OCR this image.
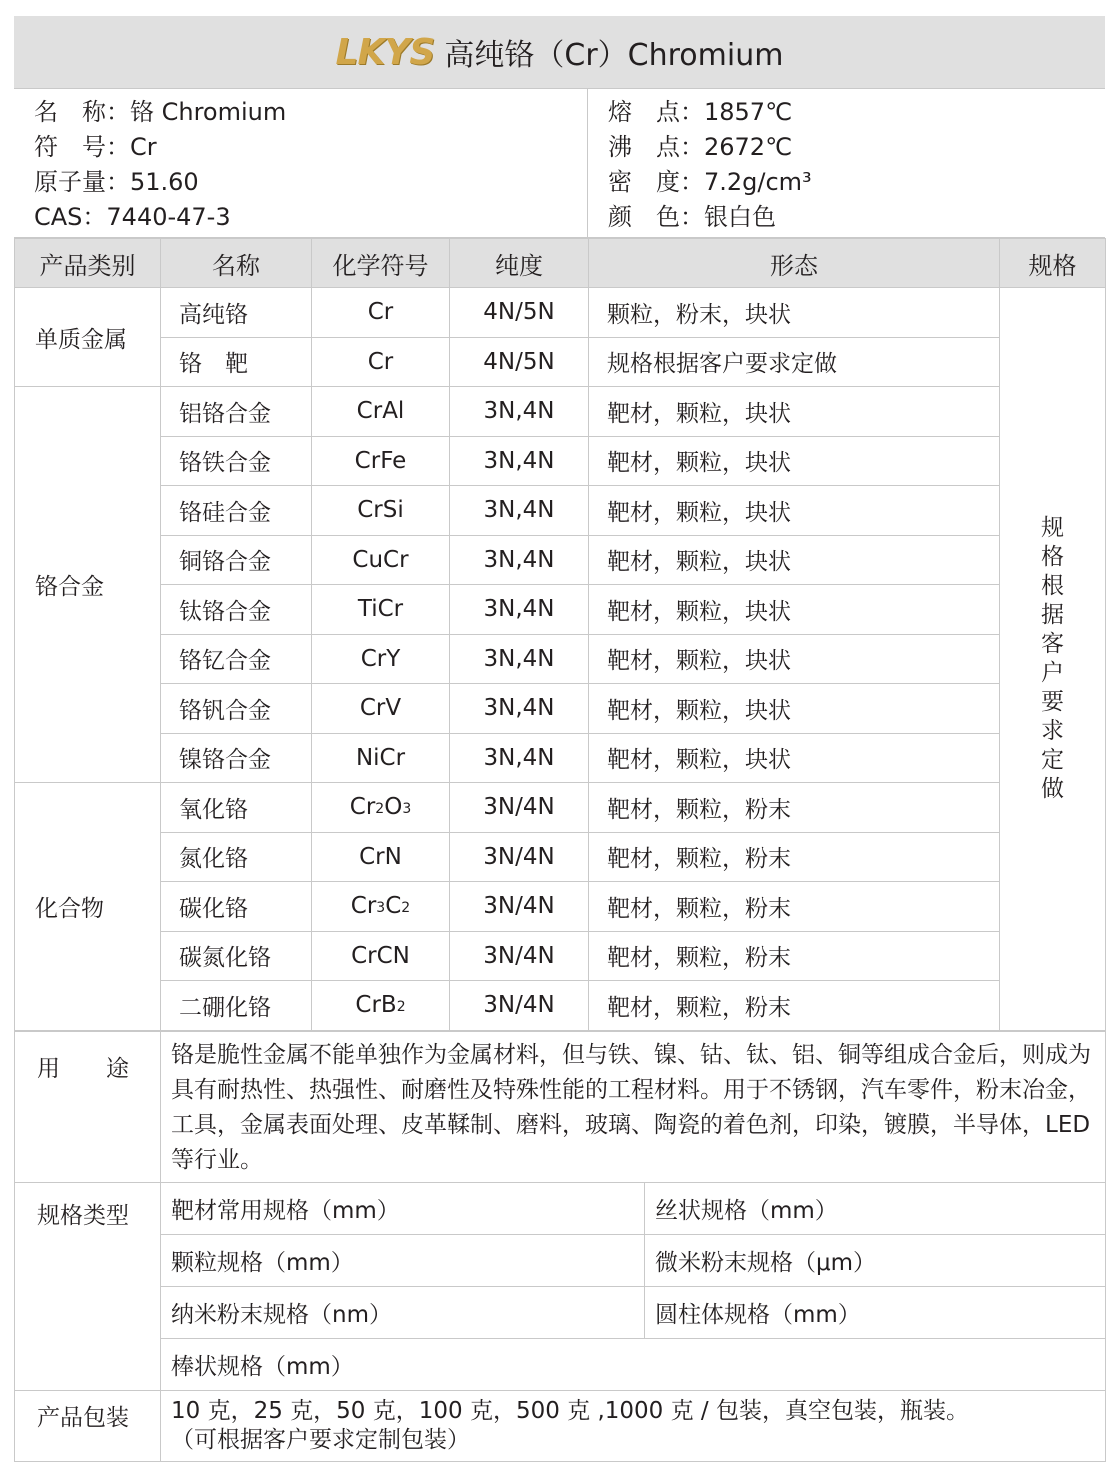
LKYS 高纯铬（Cr）Chromium
名　称：铬 Chromium
符　号：Cr
原子量：51.60
CAS：7440-47-3
熔　点：1857℃
沸　点：2672℃
密　度：7.2g/cm³
颜　色：银白色
产品类别	名称	化学符号	纯度	形态	规格
单质金属	高纯铬	Cr	4N/5N	颗粒，粉末，块状	规格根据客户要求定做
	铬　靶	Cr	4N/5N	规格根据客户要求定做	
铬合金	铝铬合金	CrAl	3N,4N	靶材，颗粒，块状	
	铬铁合金	CrFe	3N,4N	靶材，颗粒，块状	
	铬硅合金	CrSi	3N,4N	靶材，颗粒，块状	
	铜铬合金	CuCr	3N,4N	靶材，颗粒，块状	
	钛铬合金	TiCr	3N,4N	靶材，颗粒，块状	
	铬钇合金	CrY	3N,4N	靶材，颗粒，块状	
	铬钒合金	CrV	3N,4N	靶材，颗粒，块状	
	镍铬合金	NiCr	3N,4N	靶材，颗粒，块状	
化合物	氧化铬	$Cr_2O_3$	3N/4N	靶材，颗粒，粉末	
	氮化铬	CrN	3N/4N	靶材，颗粒，粉末	
	碳化铬	$Cr_3C_2$	3N/4N	靶材，颗粒，粉末	
	碳氮化铬	CrCN	3N/4N	靶材，颗粒，粉末	
	二硼化铬	CrB$_2$	3N/4N	靶材，颗粒，粉末	
用　　途	铬是脆性金属不能单独作为金属材料，但与铁、镍、钴、钛、铝、铜等组成合金后，则成为具有耐热性、热强性、耐磨性及特殊性能的工程材料。用于不锈钢，汽车零件，粉末冶金，工具，金属表面处理、皮革鞣制、磨料，玻璃、陶瓷的着色剂，印染，镀膜，半导体，LED 等行业。	
规格类型	靶材常用规格（mm）	丝状规格（mm）
	颗粒规格（mm）	微米粉末规格（μm）
	纳米粉末规格（nm）	圆柱体规格（mm）
	棒状规格（mm）	
产品包装	10 克，25 克，50 克，100 克，500 克 ,1000 克 / 包装，真空包装，瓶装。
（可根据客户要求定制包装）	
